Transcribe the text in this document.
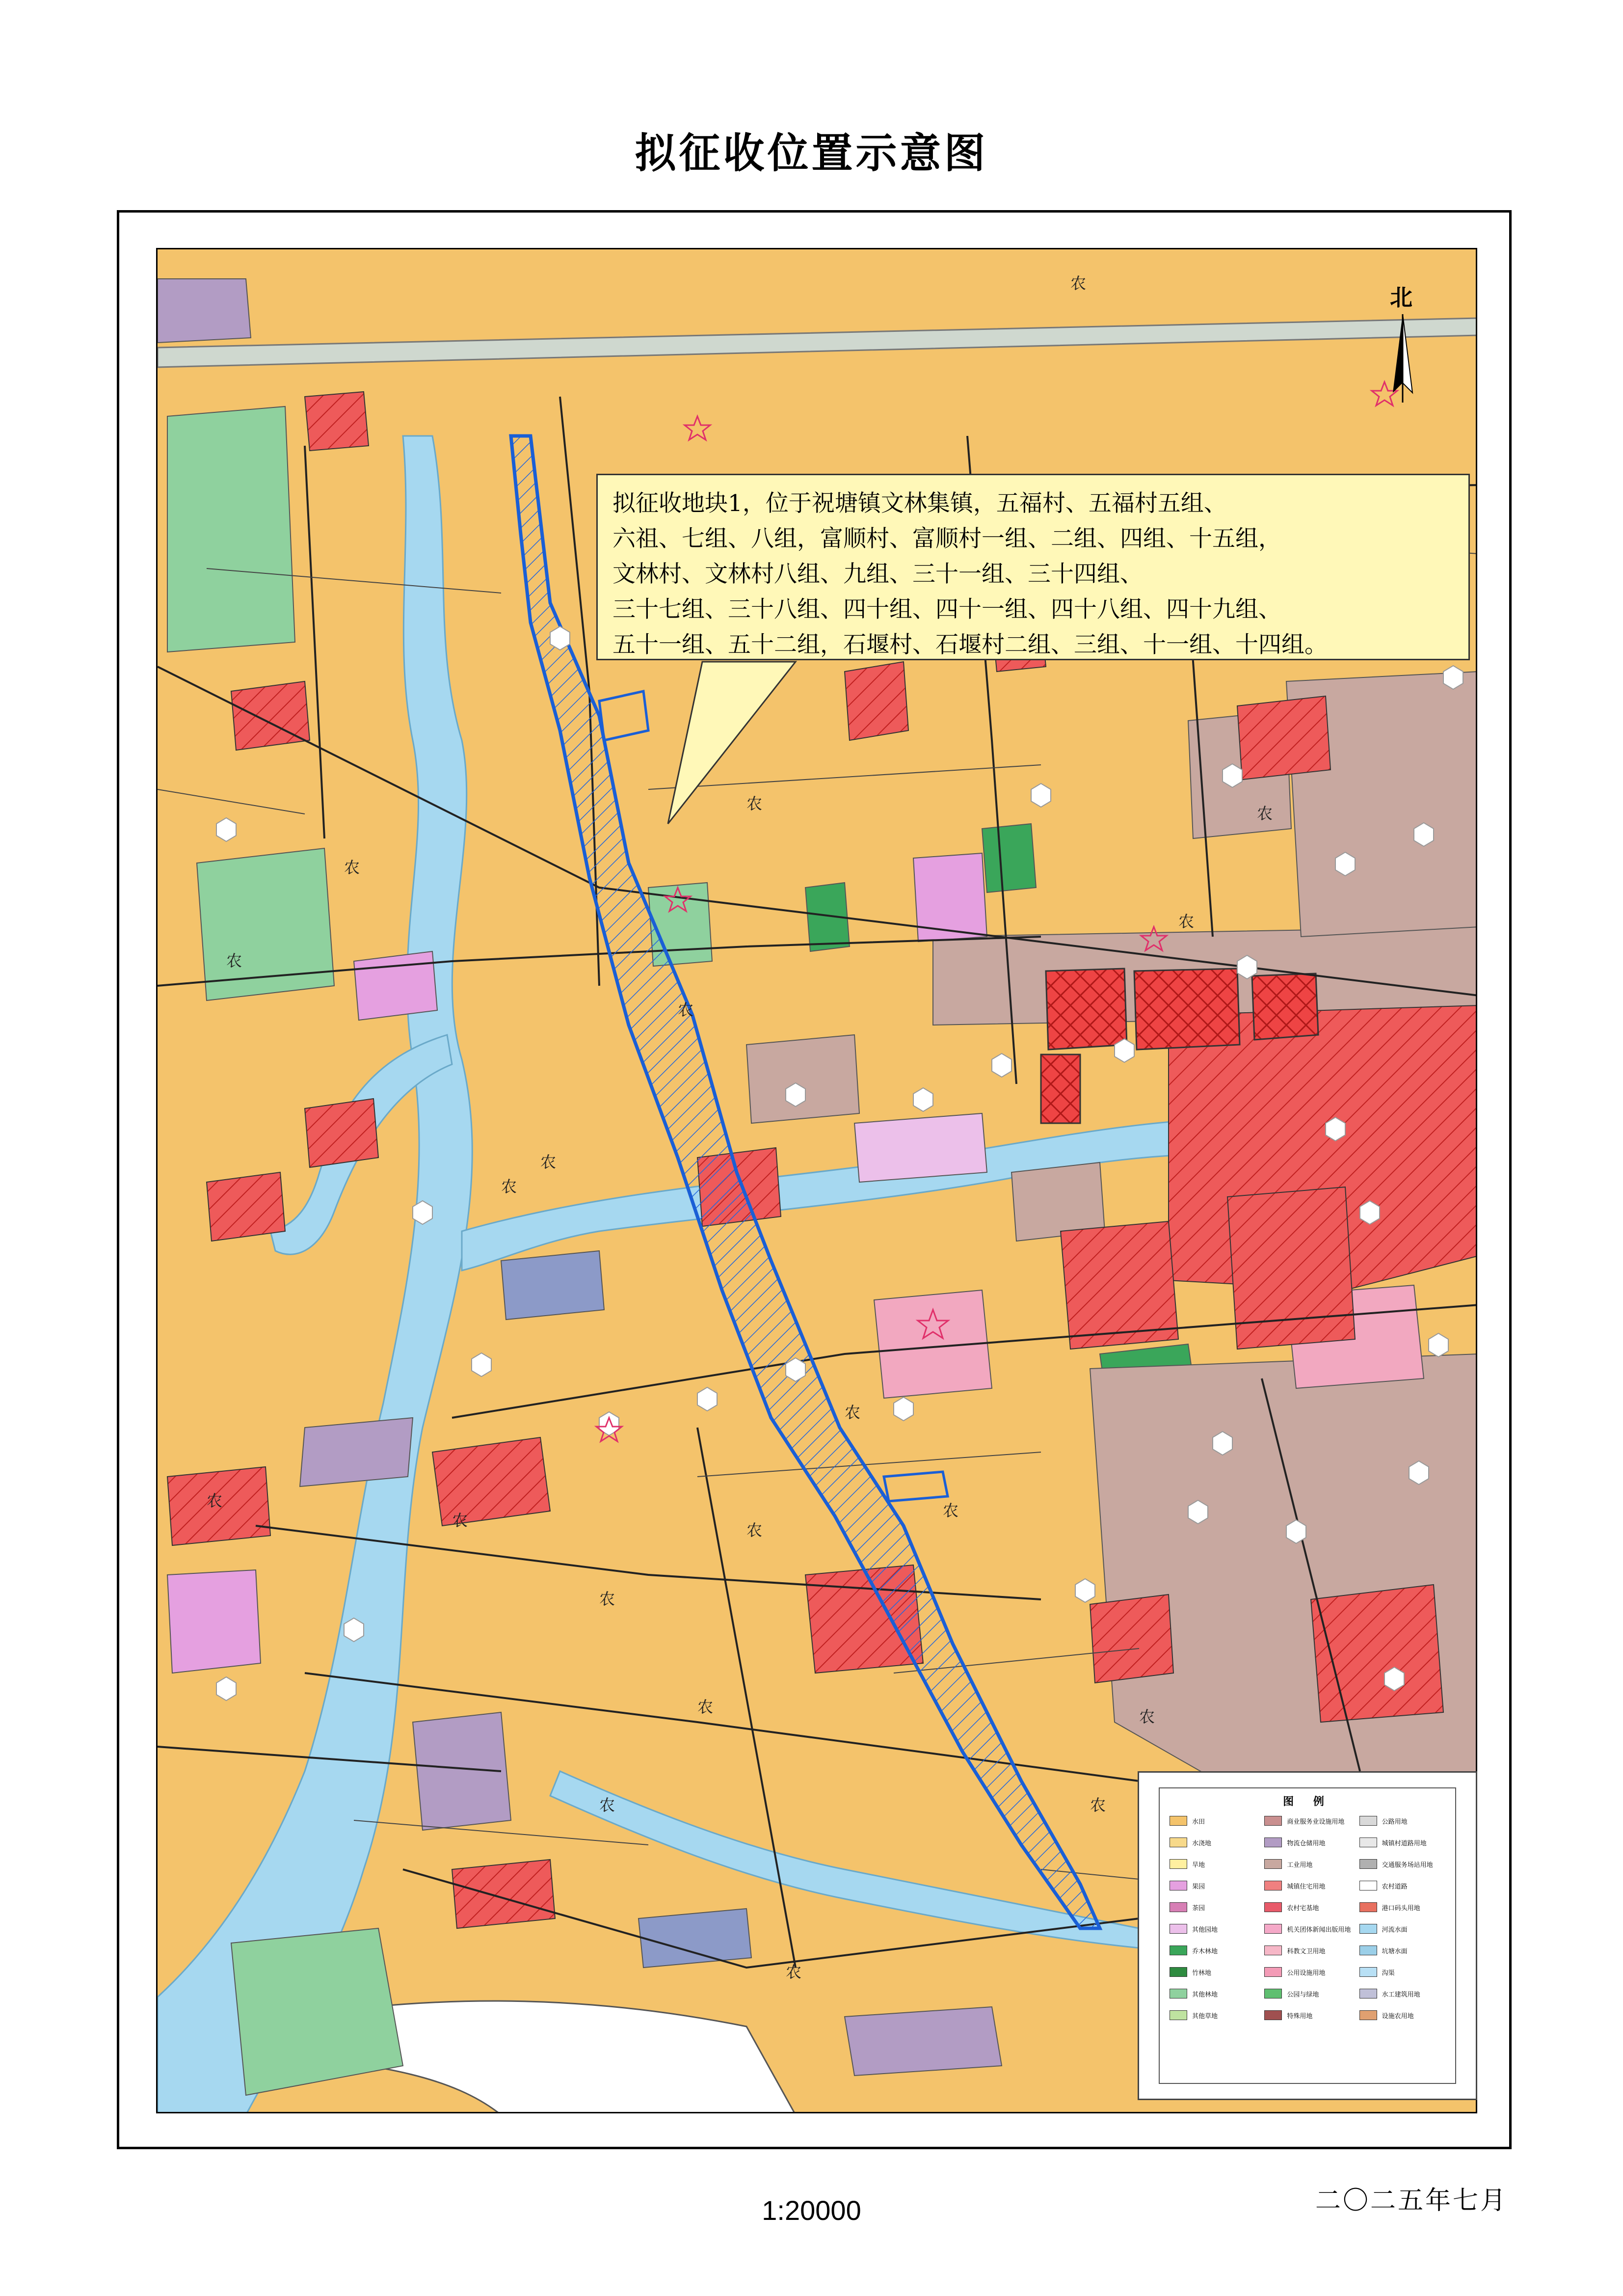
拟征收位置示意图
农
农
农
农
农
农
农
农
农
农
农
农
农
农
农
农
农
农
农
农
拟征收地块1，位于祝塘镇文林集镇，五福村、五福村五组、
六祖、七组、八组，富顺村、富顺村一组、二组、四组、十五组，
文林村、文林村八组、九组、三十一组、三十四组、
三十七组、三十八组、四十组、四十一组、四十八组、四十九组、
五十一组、五十二组，石堰村、石堰村二组、三组、十一组、十四组。
北
图 例
水田	商业服务业设施用地	公路用地
水浇地	物流仓储用地	城镇村道路用地
旱地	工业用地	交通服务场站用地
果园	城镇住宅用地	农村道路
茶园	农村宅基地	港口码头用地
其他园地	机关团体新闻出版用地	河流水面
乔木林地	科教文卫用地	坑塘水面
竹林地	公用设施用地	沟渠
其他林地	公园与绿地	水工建筑用地
其他草地	特殊用地	设施农用地
1:20000	二〇二五年七月
